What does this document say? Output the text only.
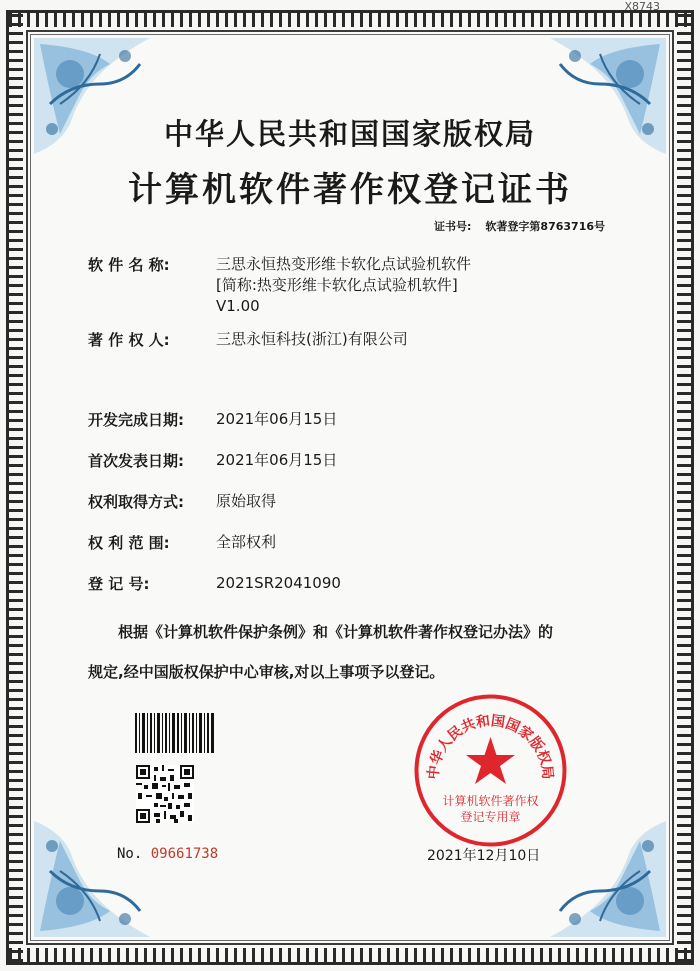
X8743
中华人民共和国国家版权局
计算机软件著作权登记证书
证书号: 软著登字第8763716号
软 件 名 称:	三思永恒热变形维卡软化点试验机软件
[简称:热变形维卡软化点试验机软件]
V1.00
著 作 权 人:	三思永恒科技(浙江)有限公司
开发完成日期: 2021年06月15日
首次发表日期: 2021年06月15日
权利取得方式: 原始取得
权 利 范 围:	全部权利
登 记 号:	2021SR2041090
根据《计算机软件保护条例》和《计算机软件著作权登记办法》的
规定,经中国版权保护中心审核,对以上事项予以登记。
No. 09661738	2021年12月10日
中华人民共和国国家版权局
计算机软件著作权
登记专用章
